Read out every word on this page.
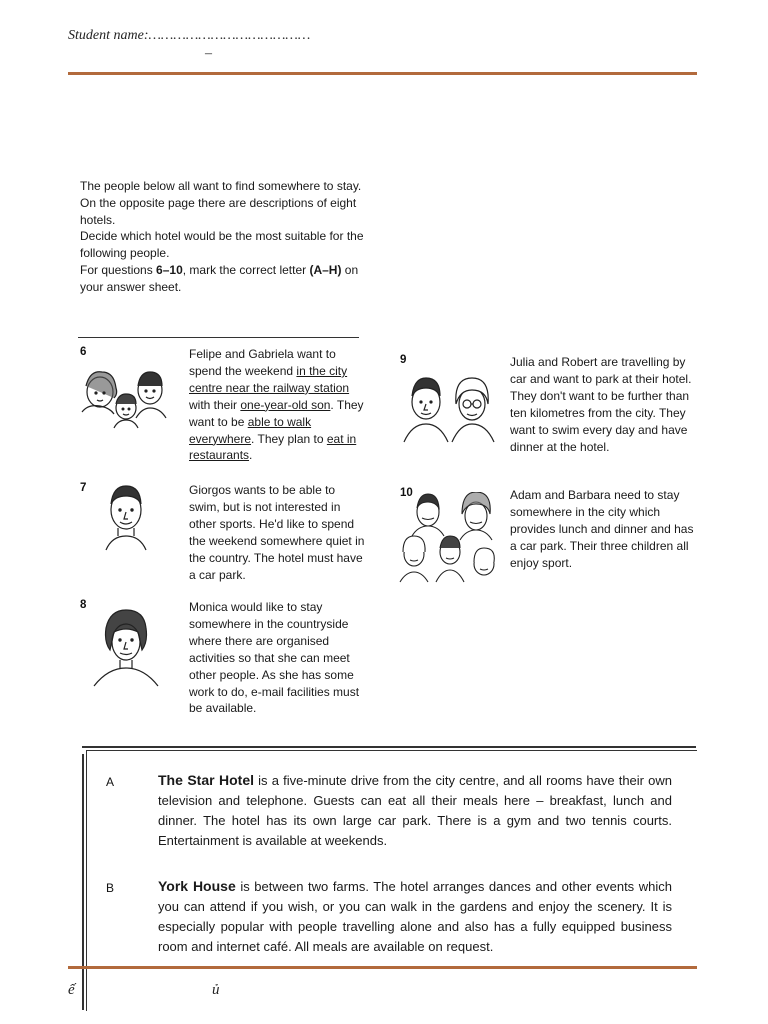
Student name:…………………………………
–

The people below all want to find somewhere to stay.

On the opposite page there are descriptions of eight hotels.

Decide which hotel would be the most suitable for the following people.

For questions 6–10, mark the correct letter (A–H) on your answer sheet.

6	Felipe and Gabriela want to spend the weekend in the city centre near the railway station with their one-year-old son. They want to be able to walk everywhere. They plan to eat in restaurants.
7	Giorgos wants to be able to swim, but is not interested in other sports. He'd like to spend the weekend somewhere quiet in the country. The hotel must have a car park.
8	Monica would like to stay somewhere in the countryside where there are organised activities so that she can meet other people. As she has some work to do, e-mail facilities must be available.
9	Julia and Robert are travelling by car and want to park at their hotel. They don't want to be further than ten kilometres from the city. They want to swim every day and have dinner at the hotel.
10	Adam and Barbara need to stay somewhere in the city which provides lunch and dinner and has a car park. Their three children all enjoy sport.
A	The Star Hotel is a five-minute drive from the city centre, and all rooms have their own television and telephone. Guests can eat all their meals here – breakfast, lunch and dinner. The hotel has its own large car park. There is a gym and two tennis courts. Entertainment is available at weekends.
B	York House is between two farms. The hotel arranges dances and other events which you can attend if you wish, or you can walk in the gardens and enjoy the scenery. It is especially popular with people travelling alone and also has a fully equipped business room and internet café. All meals are available on request.
ế	ủ
